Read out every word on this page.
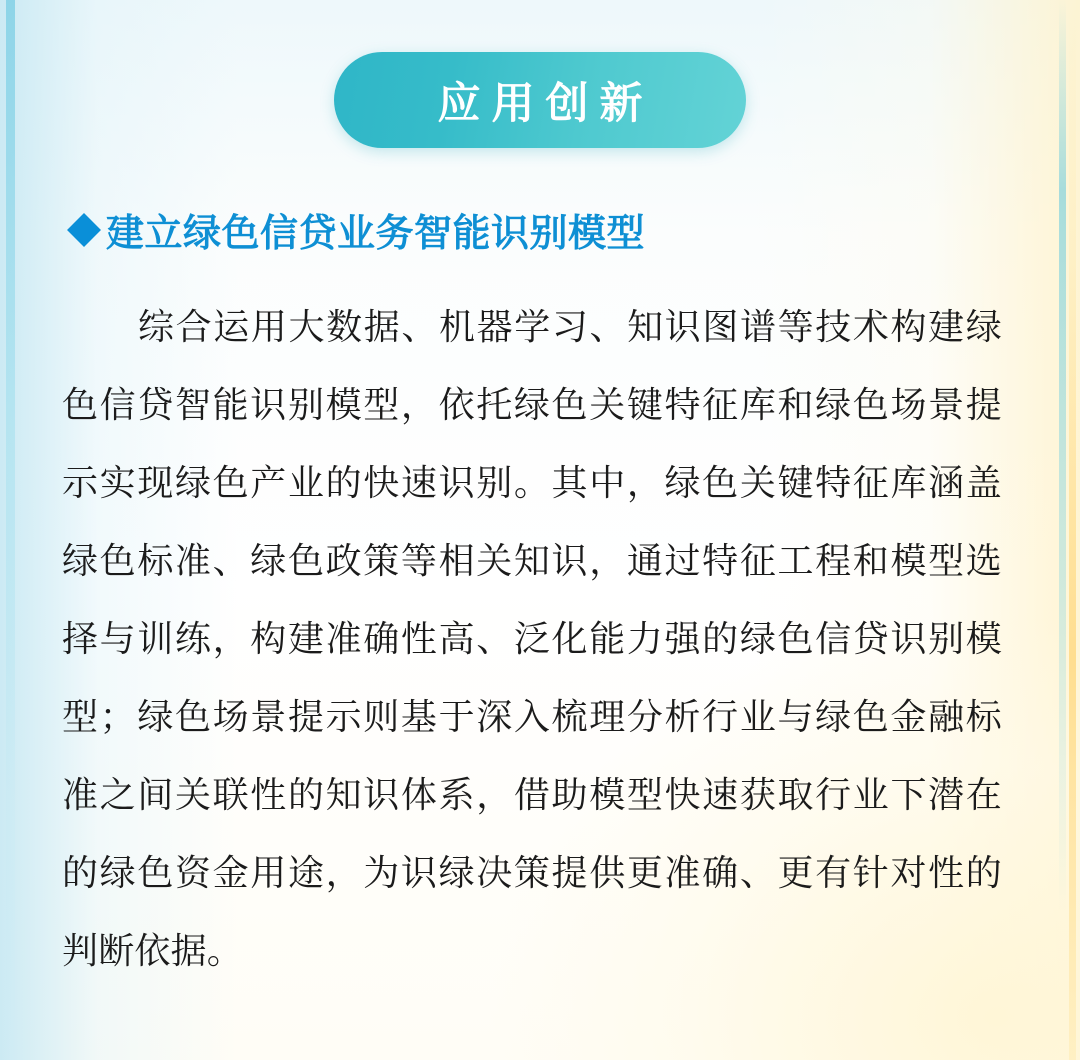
应用创新
建立绿色信贷业务智能识别模型
综合运用大数据、机器学习、知识图谱等技术构建绿色信贷智能识别模型，依托绿色关键特征库和绿色场景提示实现绿色产业的快速识别。其中，绿色关键特征库涵盖绿色标准、绿色政策等相关知识，通过特征工程和模型选择与训练，构建准确性高、泛化能力强的绿色信贷识别模型；绿色场景提示则基于深入梳理分析行业与绿色金融标准之间关联性的知识体系，借助模型快速获取行业下潜在的绿色资金用途，为识绿决策提供更准确、更有针对性的判断依据。
